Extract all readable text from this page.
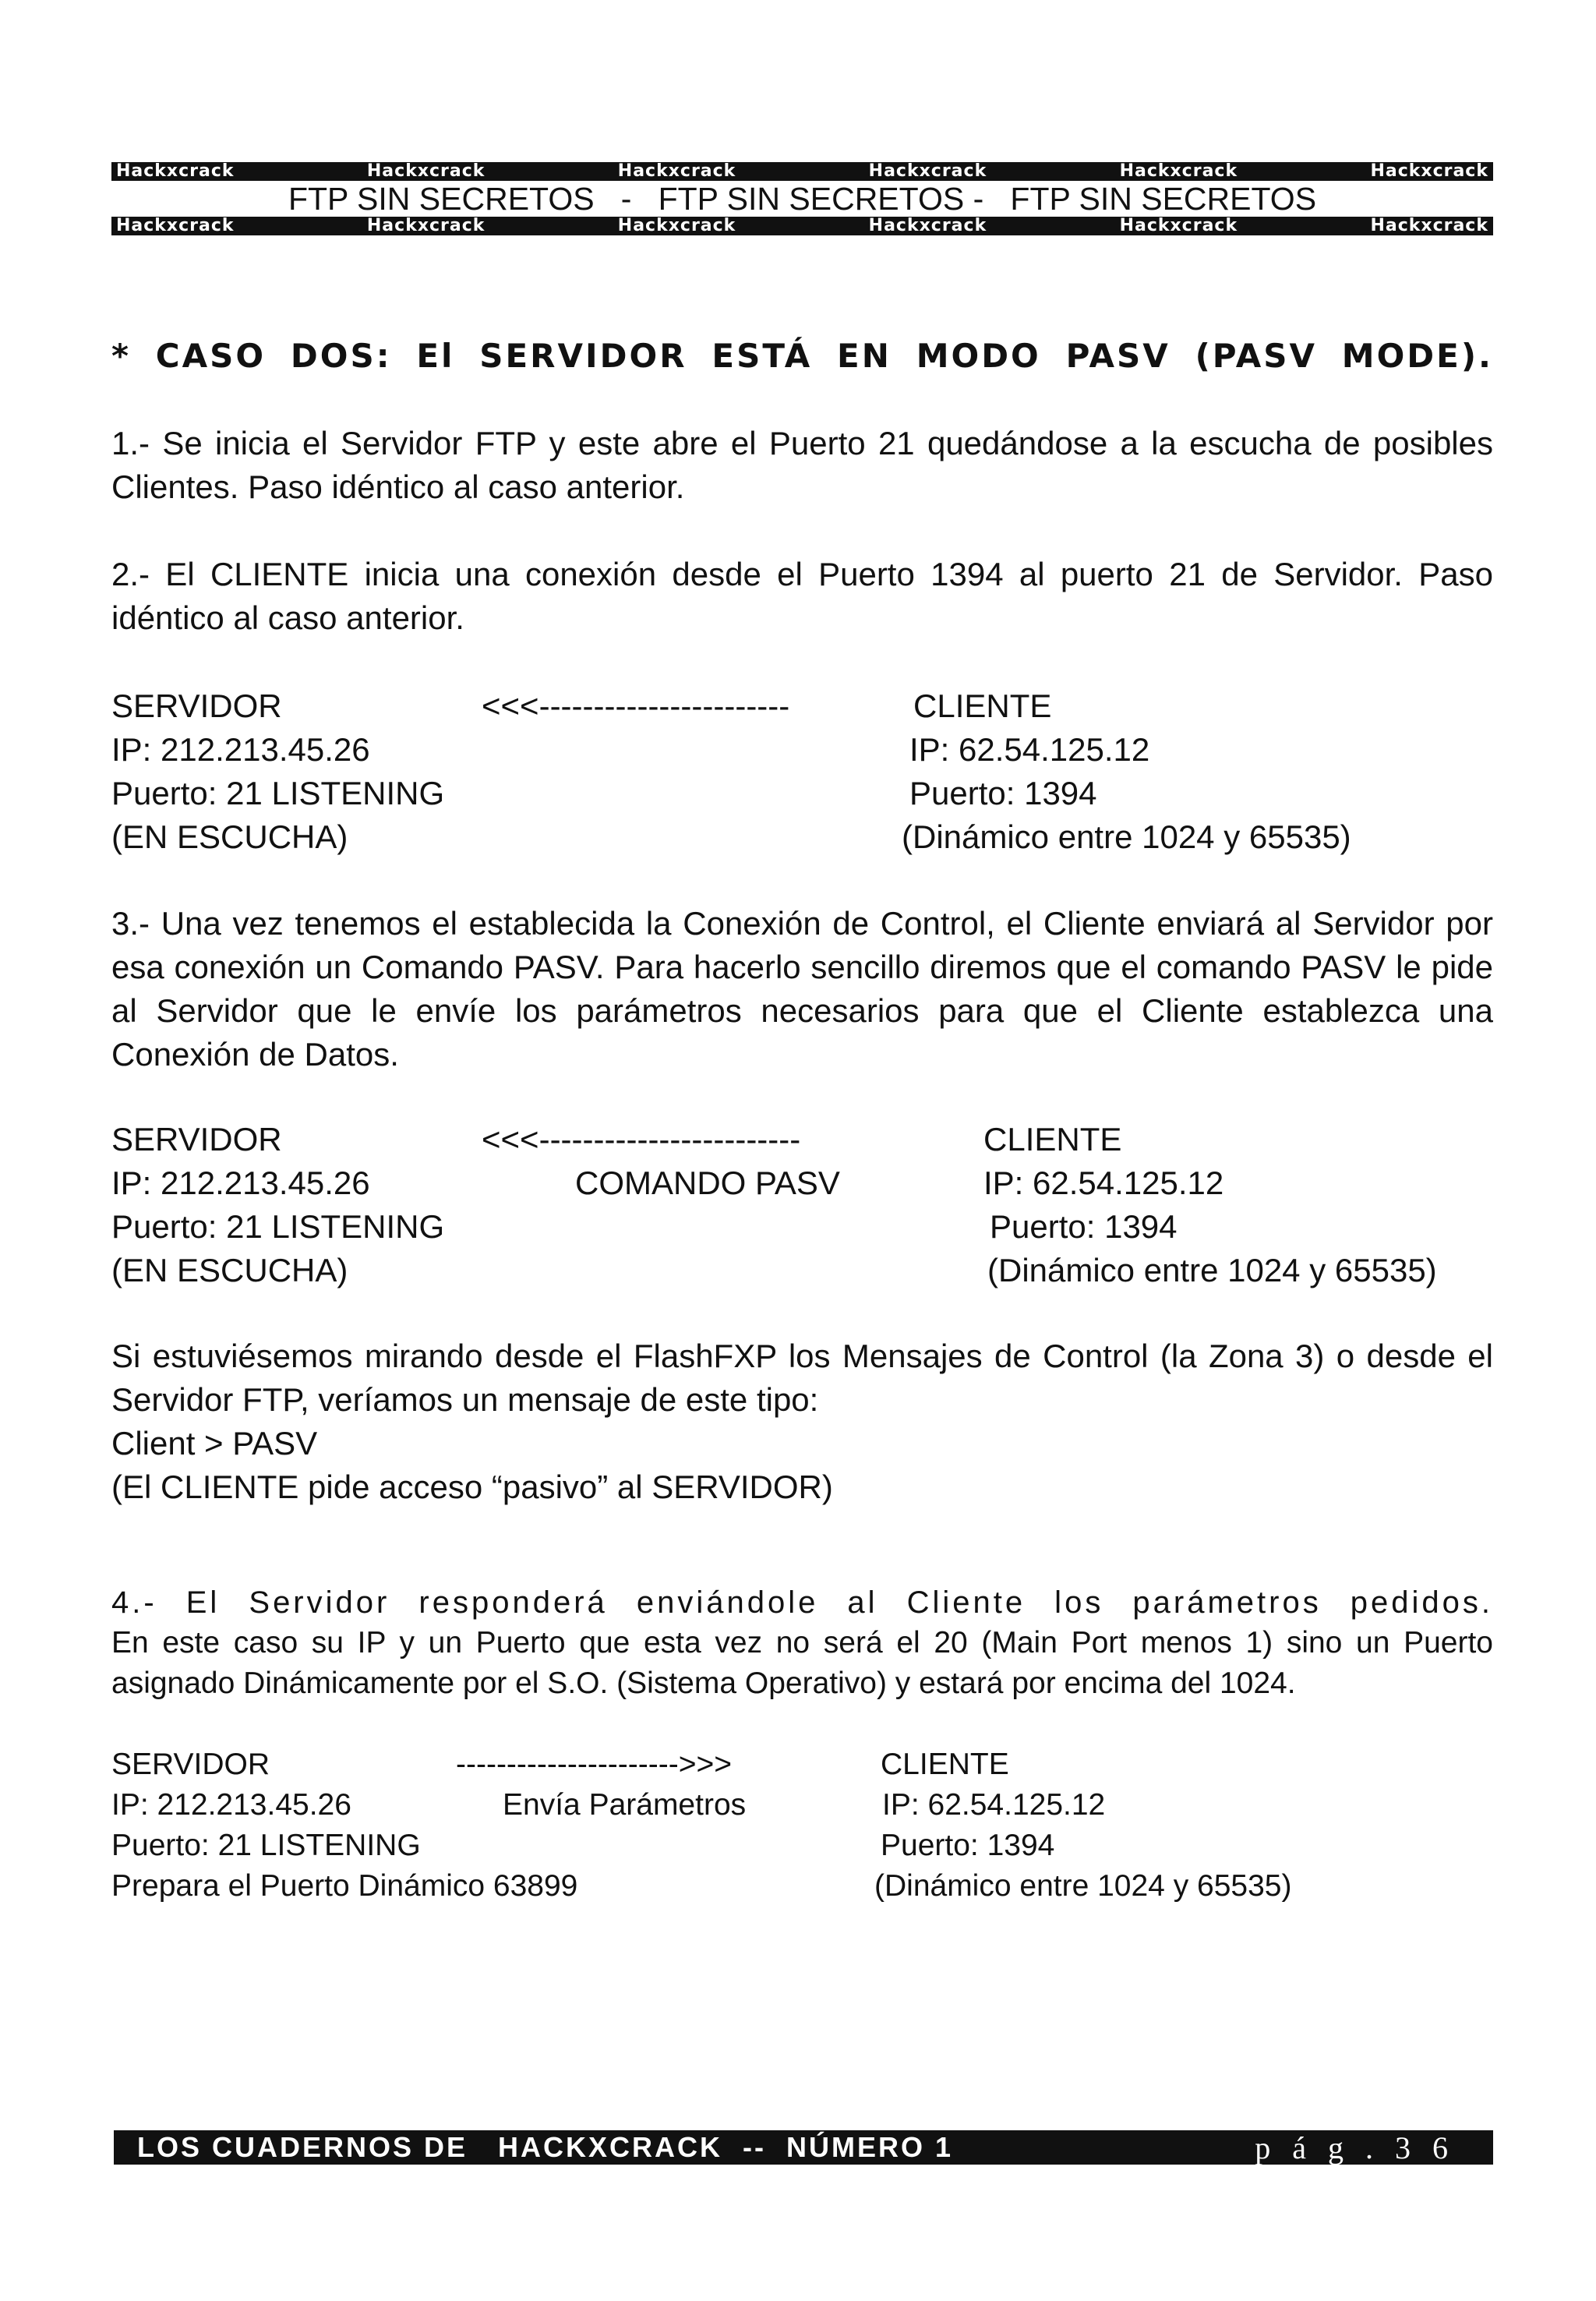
Hackxcrack	Hackxcrack	Hackxcrack	Hackxcrack	Hackxcrack	Hackxcrack
FTP SIN SECRETOS   -   FTP SIN SECRETOS -   FTP SIN SECRETOS
Hackxcrack	Hackxcrack	Hackxcrack	Hackxcrack	Hackxcrack	Hackxcrack
* CASO DOS: El SERVIDOR ESTÁ EN MODO PASV (PASV MODE).
1.- Se inicia el Servidor FTP y este abre el Puerto 21 quedándose a la escucha de posibles Clientes. Paso idéntico al caso anterior.
2.- El CLIENTE inicia una conexión desde el Puerto 1394 al puerto 21 de Servidor. Paso idéntico al caso anterior.
SERVIDOR	<<<-----------------------	CLIENTE
IP: 212.213.45.26	IP: 62.54.125.12
Puerto: 21 LISTENING	Puerto: 1394
(EN ESCUCHA)	(Dinámico entre 1024 y 65535)
3.- Una vez tenemos el establecida la Conexión de Control, el Cliente enviará al Servidor por esa conexión un Comando PASV. Para hacerlo sencillo diremos que el comando PASV le pide al Servidor que le envíe los parámetros necesarios para que el Cliente establezca una Conexión de Datos.
SERVIDOR	<<<------------------------	CLIENTE
IP: 212.213.45.26	COMANDO PASV	IP: 62.54.125.12
Puerto: 21 LISTENING	Puerto: 1394
(EN ESCUCHA)	(Dinámico entre 1024 y 65535)
Si estuviésemos mirando desde el FlashFXP los Mensajes de Control (la Zona 3) o desde el Servidor FTP, veríamos un mensaje de este tipo:
Client > PASV
(El CLIENTE pide acceso “pasivo” al SERVIDOR)
4.- El Servidor responderá enviándole al Cliente los parámetros pedidos.
En este caso su IP y un Puerto que esta vez no será el 20 (Main Port menos 1) sino un Puerto asignado Dinámicamente por el S.O. (Sistema Operativo) y estará por encima del 1024.
SERVIDOR	---------------------->>>	CLIENTE
IP: 212.213.45.26	Envía Parámetros	IP: 62.54.125.12
Puerto: 21 LISTENING	Puerto: 1394
Prepara el Puerto Dinámico 63899	(Dinámico entre 1024 y 65535)
LOS CUADERNOS DE   HACKXCRACK  --  NÚMERO 1	pág.36
